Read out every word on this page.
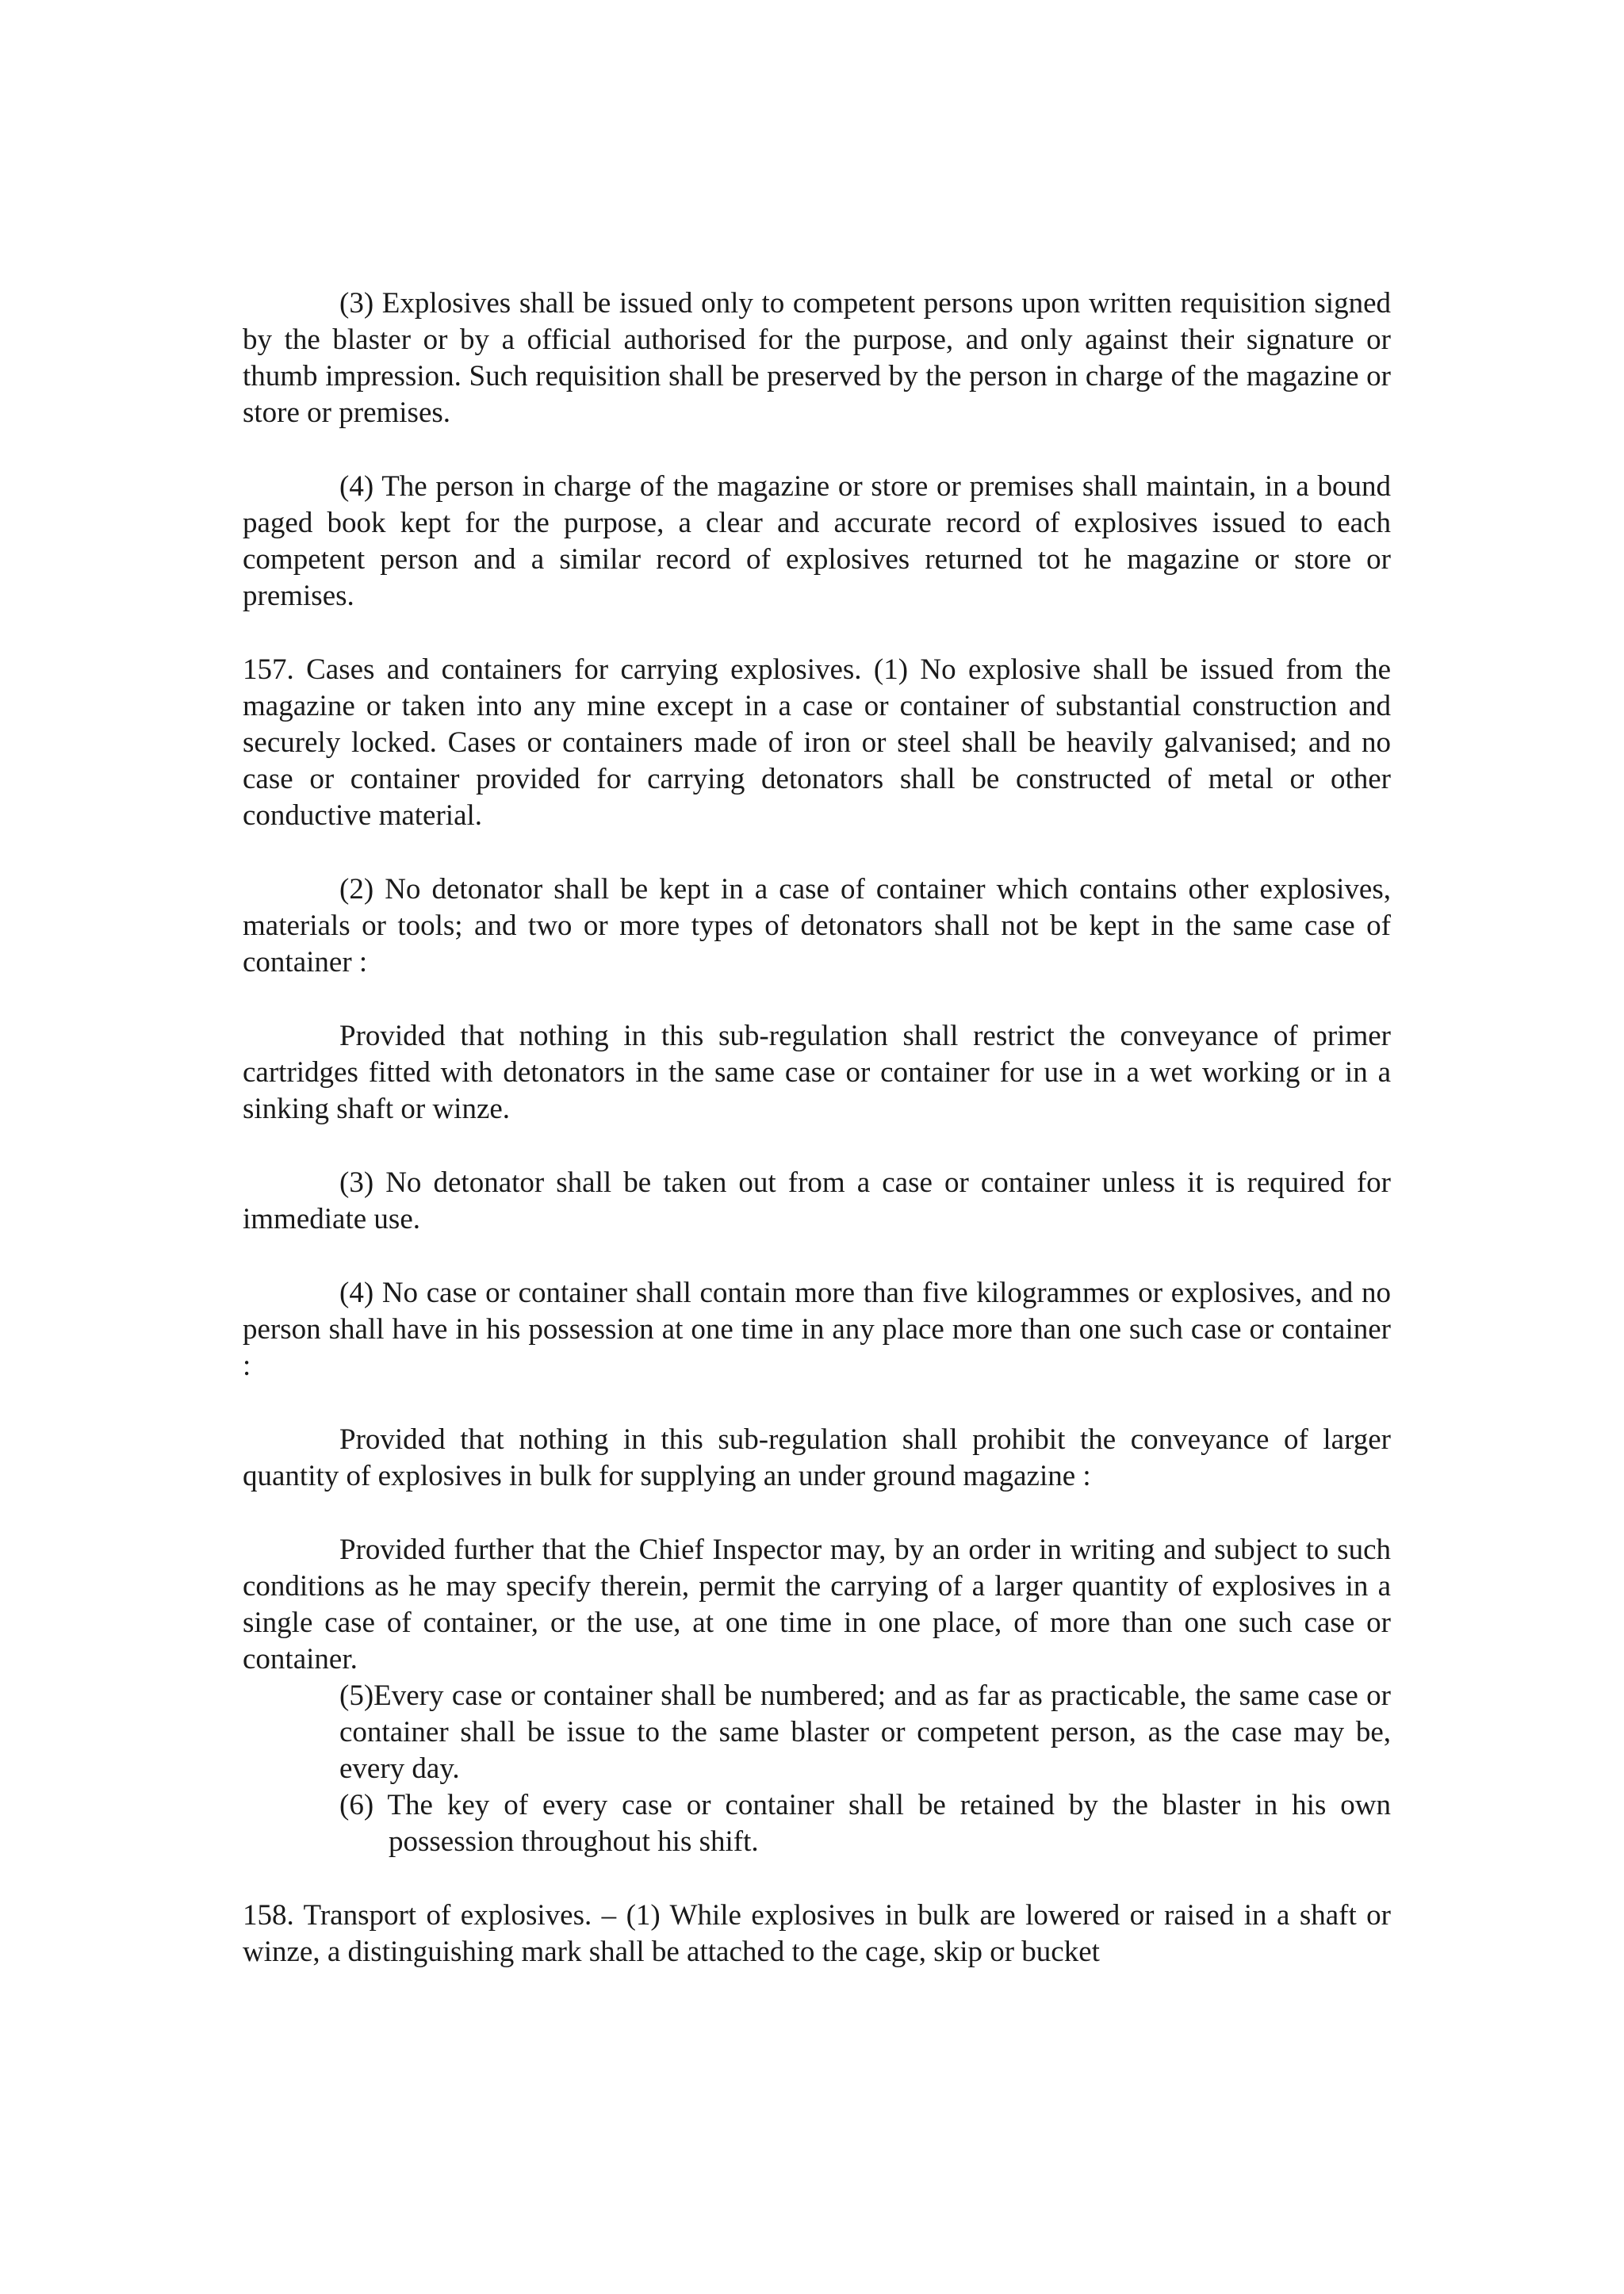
(3) Explosives shall be issued only to competent persons upon written requisition signed by the blaster or by a official authorised for the purpose, and only against their signature or thumb impression. Such requisition shall be preserved by the person in charge of the magazine or store or premises.

(4) The person in charge of the magazine or store or premises shall maintain, in a bound paged book kept for the purpose, a clear and accurate record of explosives issued to each competent person and a similar record of explosives returned tot he magazine or store or premises.

157. Cases and containers for carrying explosives. (1) No explosive shall be issued from the magazine or taken into any mine except in a case or container of substantial construction and securely locked. Cases or containers made of iron or steel shall be heavily galvanised; and no case or container provided for carrying detonators shall be constructed of metal or other conductive material.

(2) No detonator shall be kept in a case of container which contains other explosives, materials or tools; and two or more types of detonators shall not be kept in the same case of container :

Provided that nothing in this sub-regulation shall restrict the conveyance of primer cartridges fitted with detonators in the same case or container for use in a wet working or in a sinking shaft or winze.

(3) No detonator shall be taken out from a case or container unless it is required for immediate use.

(4) No case or container shall contain more than five kilogrammes or explosives, and no person shall have in his possession at one time in any place more than one such case or container :

Provided that nothing in this sub-regulation shall prohibit the conveyance of larger quantity of explosives in bulk for supplying an under ground magazine :

Provided further that the Chief Inspector may, by an order in writing and subject to such conditions as he may specify therein, permit the carrying of a larger quantity of explosives in a single case of container, or the use, at one time in one place, of more than one such case or container.

(5)Every case or container shall be numbered; and as far as practicable, the same case or container shall be issue to the same blaster or competent person, as the case may be, every day.
(6) The key of every case or container shall be retained by the blaster in his own possession throughout his shift.

158. Transport of explosives. – (1) While explosives in bulk are lowered or raised in a shaft or winze, a distinguishing mark shall be attached to the cage, skip or bucket
